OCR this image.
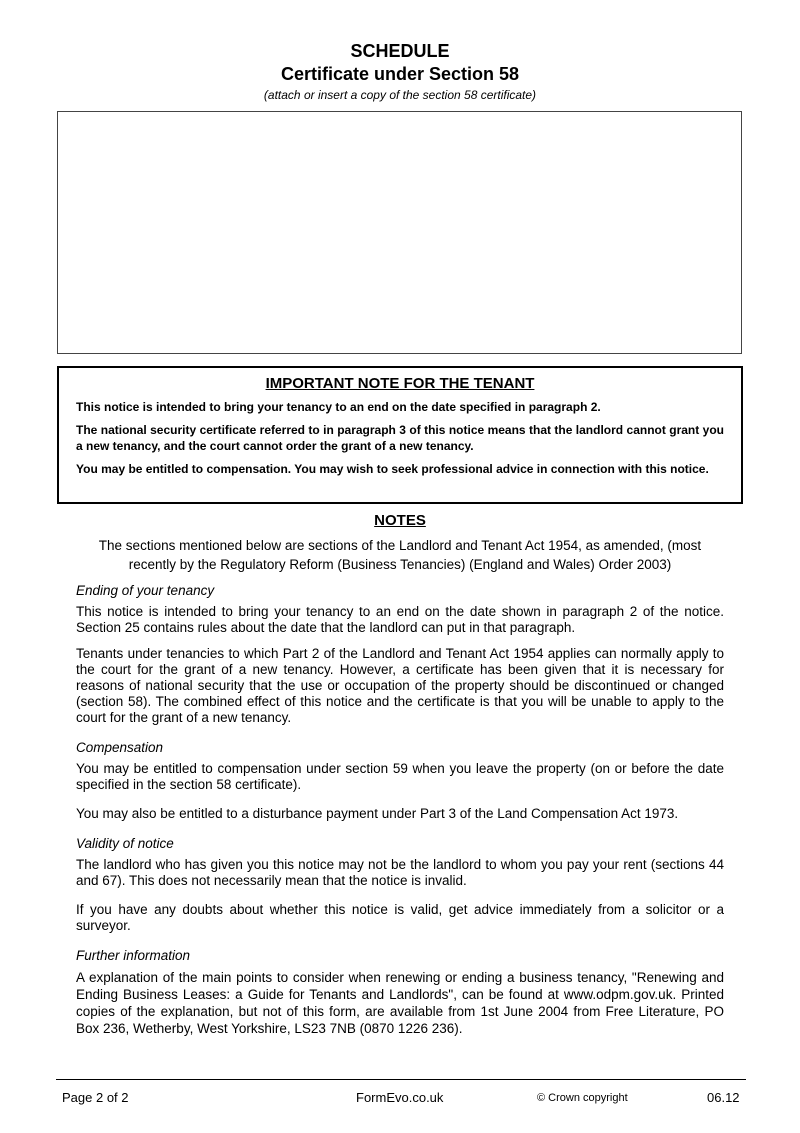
SCHEDULE
Certificate under Section 58
(attach or insert a copy of the section 58 certificate)
IMPORTANT NOTE FOR THE TENANT

This notice is intended to bring your tenancy to an end on the date specified in paragraph 2.

The national security certificate referred to in paragraph 3 of this notice means that the landlord cannot grant you a new tenancy, and the court cannot order the grant of a new tenancy.

You may be entitled to compensation. You may wish to seek professional advice in connection with this notice.

NOTES

The sections mentioned below are sections of the Landlord and Tenant Act 1954, as amended, (most recently by the Regulatory Reform (Business Tenancies) (England and Wales) Order 2003)

Ending of your tenancy

This notice is intended to bring your tenancy to an end on the date shown in paragraph 2 of the notice. Section 25 contains rules about the date that the landlord can put in that paragraph.

Tenants under tenancies to which Part 2 of the Landlord and Tenant Act 1954 applies can normally apply to the court for the grant of a new tenancy. However, a certificate has been given that it is necessary for reasons of national security that the use or occupation of the property should be discontinued or changed (section 58). The combined effect of this notice and the certificate is that you will be unable to apply to the court for the grant of a new tenancy.

Compensation

You may be entitled to compensation under section 59 when you leave the property (on or before the date specified in the section 58 certificate).

You may also be entitled to a disturbance payment under Part 3 of the Land Compensation Act 1973.

Validity of notice

The landlord who has given you this notice may not be the landlord to whom you pay your rent (sections 44 and 67). This does not necessarily mean that the notice is invalid.

If you have any doubts about whether this notice is valid, get advice immediately from a solicitor or a surveyor.

Further information

A explanation of the main points to consider when renewing or ending a business tenancy, "Renewing and Ending Business Leases: a Guide for Tenants and Landlords", can be found at www.odpm.gov.uk. Printed copies of the explanation, but not of this form, are available from 1st June 2004 from Free Literature, PO Box 236, Wetherby, West Yorkshire, LS23 7NB (0870 1226 236).

Page 2 of 2	FormEvo.co.uk	© Crown copyright	06.12
